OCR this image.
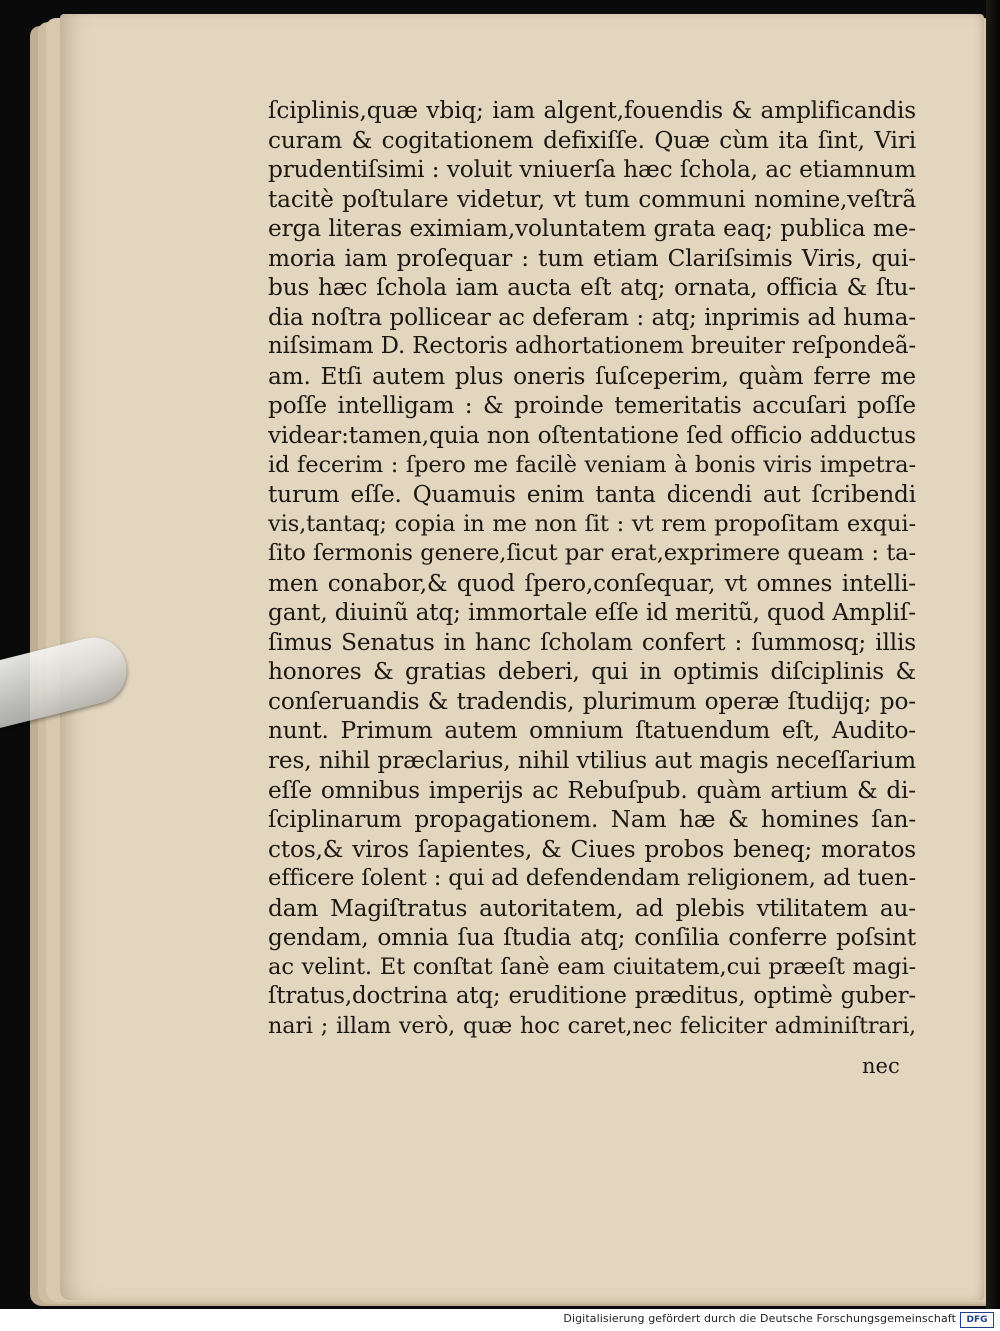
ſciplinis,quæ vbiq; iam algent,fouendis & amplificandis
curam & cogitationem defixiſſe. Quæ cùm ita ſint, Viri
prudentiſsimi : voluit vniuerſa hæc ſchola, ac etiamnum
tacitè poſtulare videtur, vt tum communi nomine,veſtrã
erga literas eximiam,voluntatem grata eaq; publica me-
moria iam proſequar : tum etiam Clariſsimis Viris, qui-
bus hæc ſchola iam aucta eſt atq; ornata, officia & ſtu-
dia noſtra pollicear ac deferam : atq; inprimis ad huma-
niſsimam D. Rectoris adhortationem breuiter reſpondeã-
am. Etſi autem plus oneris ſuſceperim, quàm ferre me
poſſe intelligam : & proinde temeritatis accuſari poſſe
videar:tamen,quia non oſtentatione ſed officio adductus
id fecerim : ſpero me facilè veniam à bonis viris impetra-
turum eſſe. Quamuis enim tanta dicendi aut ſcribendi
vis,tantaq; copia in me non ſit : vt rem propoſitam exqui-
ſito ſermonis genere,ſicut par erat,exprimere queam : ta-
men conabor,& quod ſpero,conſequar, vt omnes intelli-
gant, diuinũ atq; immortale eſſe id meritũ, quod Ampliſ-
ſimus Senatus in hanc ſcholam confert : ſummosq; illis
honores & gratias deberi, qui in optimis diſciplinis &
conſeruandis & tradendis, plurimum operæ ſtudijq; po-
nunt. Primum autem omnium ſtatuendum eſt, Audito-
res, nihil præclarius, nihil vtilius aut magis neceſſarium
eſſe omnibus imperijs ac Rebuſpub. quàm artium & di-
ſciplinarum propagationem. Nam hæ & homines ſan-
ctos,& viros ſapientes, & Ciues probos beneq; moratos
efficere ſolent : qui ad defendendam religionem, ad tuen-
dam Magiſtratus autoritatem, ad plebis vtilitatem au-
gendam, omnia ſua ſtudia atq; conſilia conferre poſsint
ac velint. Et conſtat ſanè eam ciuitatem,cui præeſt magi-
ſtratus,doctrina atq; eruditione præditus, optimè guber-
nari ; illam verò, quæ hoc caret,nec feliciter adminiſtrari,
nec
Digitalisierung gefördert durch die Deutsche Forschungsgemeinschaft	DFG
